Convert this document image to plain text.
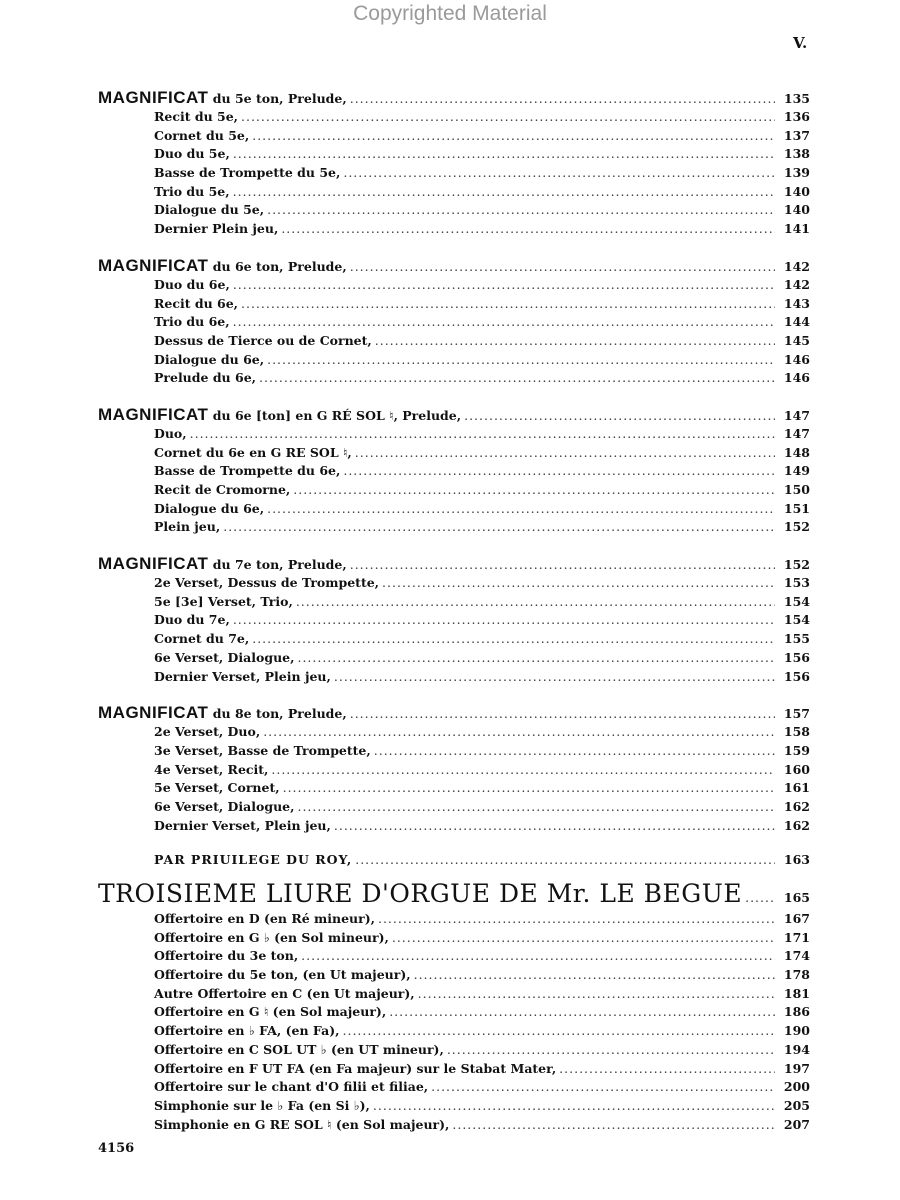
Copyrighted Material
V.
MAGNIFICAT du 5e ton, Prelude, .....	135
Recit du 5e, .....	136
Cornet du 5e, .....	137
Duo du 5e, .....	138
Basse de Trompette du 5e, .....	139
Trio du 5e, .....	140
Dialogue du 5e, .....	140
Dernier Plein jeu, .....	141
MAGNIFICAT du 6e ton, Prelude, .....	142
Duo du 6e, .....	142
Recit du 6e, .....	143
Trio du 6e, .....	144
Dessus de Tierce ou de Cornet, .....	145
Dialogue du 6e, .....	146
Prelude du 6e, .....	146
MAGNIFICAT du 6e [ton] en G RÉ SOL ♮, Prelude, .....	147
Duo, .....	147
Cornet du 6e en G RE SOL ♮, .....	148
Basse de Trompette du 6e, .....	149
Recit de Cromorne, .....	150
Dialogue du 6e, .....	151
Plein jeu, .....	152
MAGNIFICAT du 7e ton, Prelude, .....	152
2e Verset, Dessus de Trompette, .....	153
5e [3e] Verset, Trio, .....	154
Duo du 7e, .....	154
Cornet du 7e, .....	155
6e Verset, Dialogue, .....	156
Dernier Verset, Plein jeu, .....	156
MAGNIFICAT du 8e ton, Prelude, .....	157
2e Verset, Duo, .....	158
3e Verset, Basse de Trompette, .....	159
4e Verset, Recit, .....	160
5e Verset, Cornet, .....	161
6e Verset, Dialogue, .....	162
Dernier Verset, Plein jeu, .....	162
PAR PRIUILEGE DU ROY, .....	163
TROISIEME LIURE D'ORGUE DE Mr. LE BEGUE .....	165
Offertoire en D (en Ré mineur), .....	167
Offertoire en G ♭ (en Sol mineur), .....	171
Offertoire du 3e ton, .....	174
Offertoire du 5e ton, (en Ut majeur), .....	178
Autre Offertoire en C (en Ut majeur), .....	181
Offertoire en G ♮ (en Sol majeur), .....	186
Offertoire en ♭ FA, (en Fa), .....	190
Offertoire en C SOL UT ♭ (en UT mineur), .....	194
Offertoire en F UT FA (en Fa majeur) sur le Stabat Mater, .....	197
Offertoire sur le chant d'O filii et filiae, .....	200
Simphonie sur le ♭ Fa (en Si ♭), .....	205
Simphonie en G RE SOL ♮ (en Sol majeur), .....	207
4156
